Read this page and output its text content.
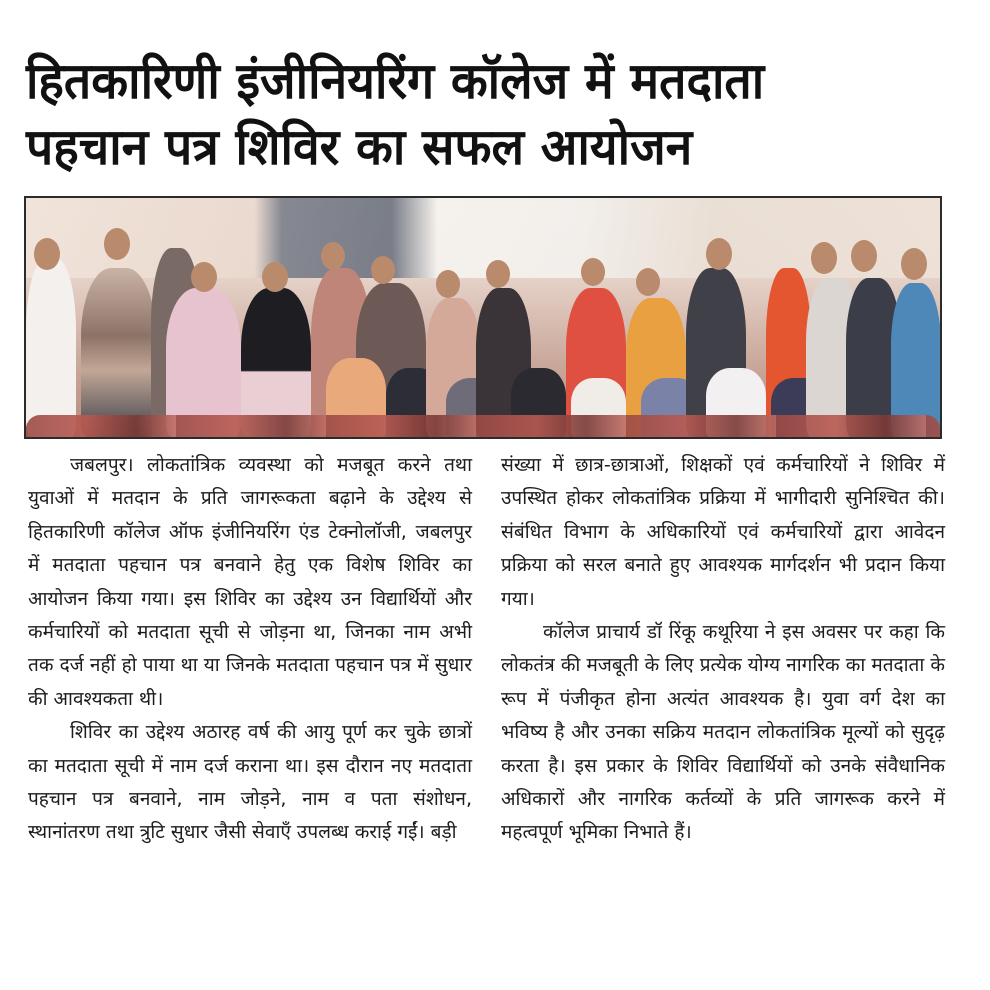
हितकारिणी इंजीनियरिंग कॉलेज में मतदाता
पहचान पत्र शिविर का सफल आयोजन

जबलपुर। लोकतांत्रिक व्यवस्था को मजबूत करने तथा युवाओं में मतदान के प्रति जागरूकता बढ़ाने के उद्देश्य से हितकारिणी कॉलेज ऑफ इंजीनियरिंग एंड टेक्नोलॉजी, जबलपुर में मतदाता पहचान पत्र बनवाने हेतु एक विशेष शिविर का आयोजन किया गया। इस शिविर का उद्देश्य उन विद्यार्थियों और कर्मचारियों को मतदाता सूची से जोड़ना था, जिनका नाम अभी तक दर्ज नहीं हो पाया था या जिनके मतदाता पहचान पत्र में सुधार की आवश्यकता थी।

शिविर का उद्देश्य अठारह वर्ष की आयु पूर्ण कर चुके छात्रों का मतदाता सूची में नाम दर्ज कराना था। इस दौरान नए मतदाता पहचान पत्र बनवाने, नाम जोड़ने, नाम व पता संशोधन, स्थानांतरण तथा त्रुटि सुधार जैसी सेवाएँ उपलब्ध कराई गईं। बड़ी

संख्या में छात्र-छात्राओं, शिक्षकों एवं कर्मचारियों ने शिविर में उपस्थित होकर लोकतांत्रिक प्रक्रिया में भागीदारी सुनिश्चित की। संबंधित विभाग के अधिकारियों एवं कर्मचारियों द्वारा आवेदन प्रक्रिया को सरल बनाते हुए आवश्यक मार्गदर्शन भी प्रदान किया गया।

कॉलेज प्राचार्य डॉ रिंकू कथूरिया ने इस अवसर पर कहा कि लोकतंत्र की मजबूती के लिए प्रत्येक योग्य नागरिक का मतदाता के रूप में पंजीकृत होना अत्यंत आवश्यक है। युवा वर्ग देश का भविष्य है और उनका सक्रिय मतदान लोकतांत्रिक मूल्यों को सुदृढ़ करता है। इस प्रकार के शिविर विद्यार्थियों को उनके संवैधानिक अधिकारों और नागरिक कर्तव्यों के प्रति जागरूक करने में महत्वपूर्ण भूमिका निभाते हैं।
